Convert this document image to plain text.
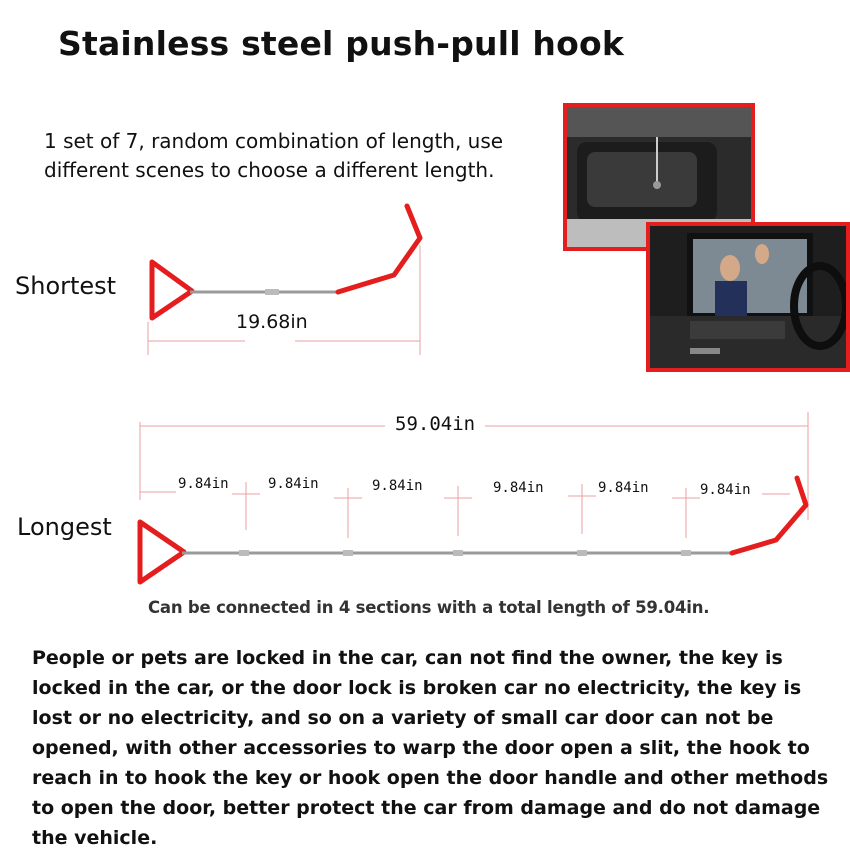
Stainless steel push-pull hook
1 set of 7, random combination of length, use different scenes to choose a different length.
Shortest
Longest
19.68in
59.04in
9.84in	9.84in	9.84in	9.84in	9.84in	9.84in
Can be connected in 4 sections with a total length of 59.04in.
People or pets are locked in the car, can not find the owner, the key is locked in the car, or the door lock is broken car no electricity, the key is lost or no electricity, and so on a variety of small car door can not be opened, with other accessories to warp the door open a slit, the hook to reach in to hook the key or hook open the door handle and other methods to open the door, better protect the car from damage and do not damage the vehicle.
